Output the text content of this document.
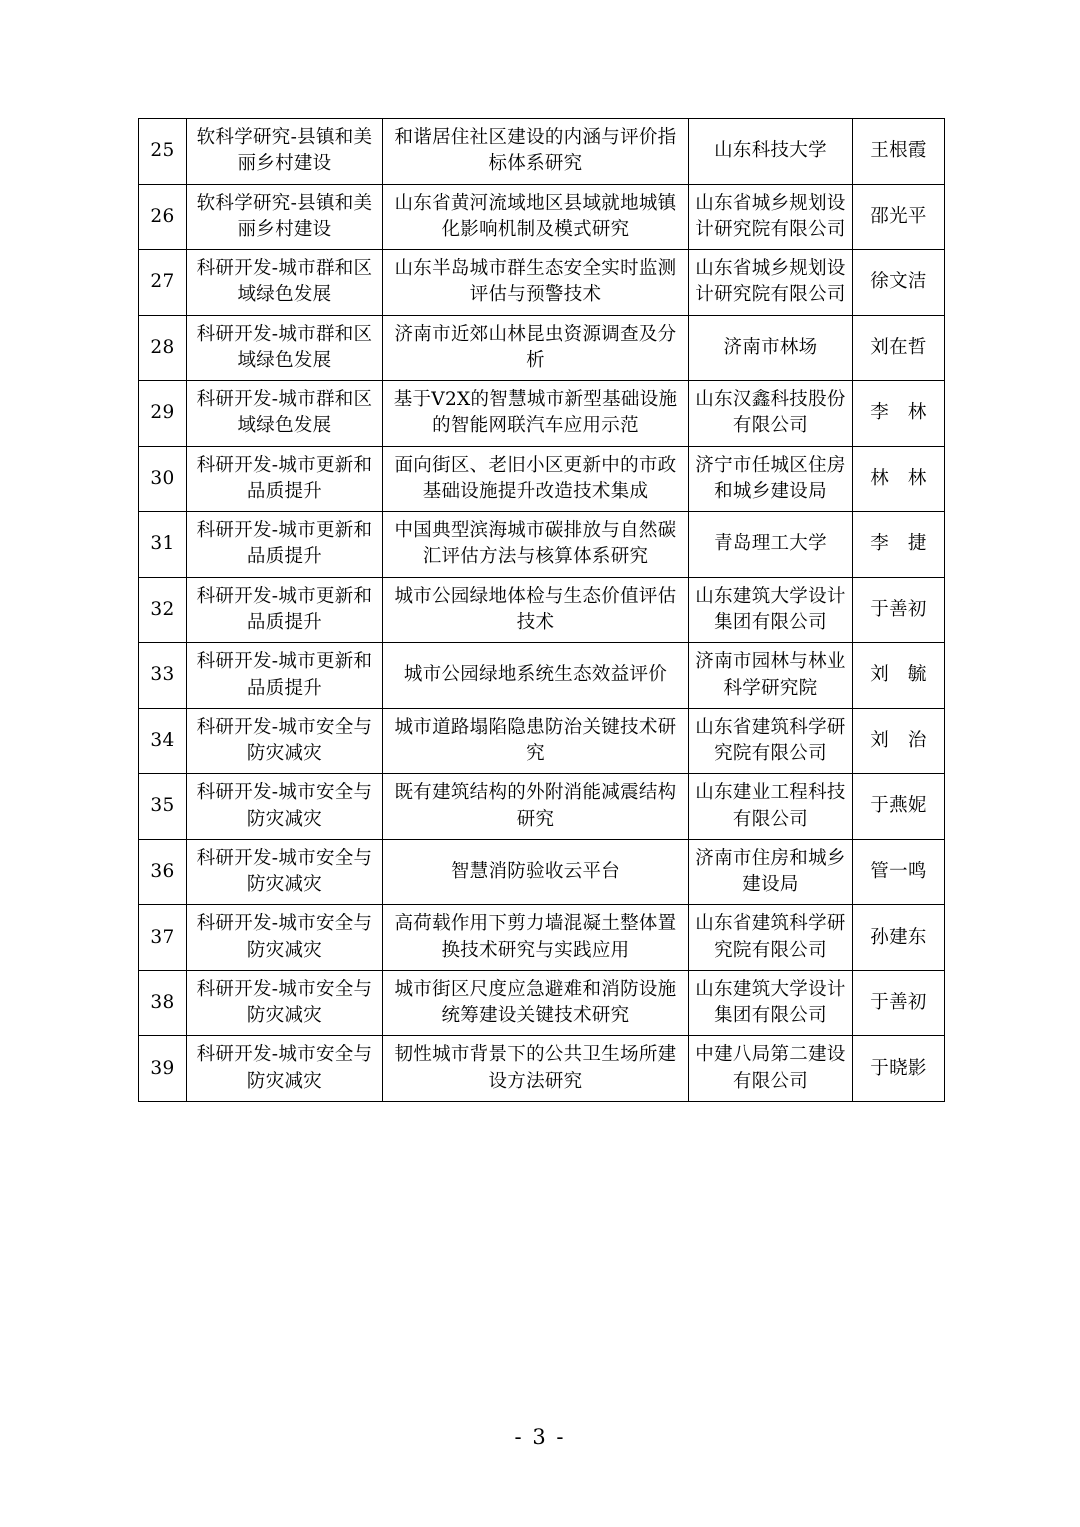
25	软科学研究-县镇和美丽乡村建设	和谐居住社区建设的内涵与评价指标体系研究	山东科技大学	王根霞
26	软科学研究-县镇和美丽乡村建设	山东省黄河流域地区县域就地城镇化影响机制及模式研究	山东省城乡规划设计研究院有限公司	邵光平
27	科研开发-城市群和区域绿色发展	山东半岛城市群生态安全实时监测评估与预警技术	山东省城乡规划设计研究院有限公司	徐文洁
28	科研开发-城市群和区域绿色发展	济南市近郊山林昆虫资源调查及分析	济南市林场	刘在哲
29	科研开发-城市群和区域绿色发展	基于V2X的智慧城市新型基础设施的智能网联汽车应用示范	山东汉鑫科技股份有限公司	李　林
30	科研开发-城市更新和品质提升	面向街区、老旧小区更新中的市政基础设施提升改造技术集成	济宁市任城区住房和城乡建设局	林　林
31	科研开发-城市更新和品质提升	中国典型滨海城市碳排放与自然碳汇评估方法与核算体系研究	青岛理工大学	李　捷
32	科研开发-城市更新和品质提升	城市公园绿地体检与生态价值评估技术	山东建筑大学设计集团有限公司	于善初
33	科研开发-城市更新和品质提升	城市公园绿地系统生态效益评价	济南市园林与林业科学研究院	刘　毓
34	科研开发-城市安全与防灾减灾	城市道路塌陷隐患防治关键技术研究	山东省建筑科学研究院有限公司	刘　治
35	科研开发-城市安全与防灾减灾	既有建筑结构的外附消能减震结构研究	山东建业工程科技有限公司	于燕妮
36	科研开发-城市安全与防灾减灾	智慧消防验收云平台	济南市住房和城乡建设局	管一鸣
37	科研开发-城市安全与防灾减灾	高荷载作用下剪力墙混凝土整体置换技术研究与实践应用	山东省建筑科学研究院有限公司	孙建东
38	科研开发-城市安全与防灾减灾	城市街区尺度应急避难和消防设施统筹建设关键技术研究	山东建筑大学设计集团有限公司	于善初
39	科研开发-城市安全与防灾减灾	韧性城市背景下的公共卫生场所建设方法研究	中建八局第二建设有限公司	于晓影
- 3 -
